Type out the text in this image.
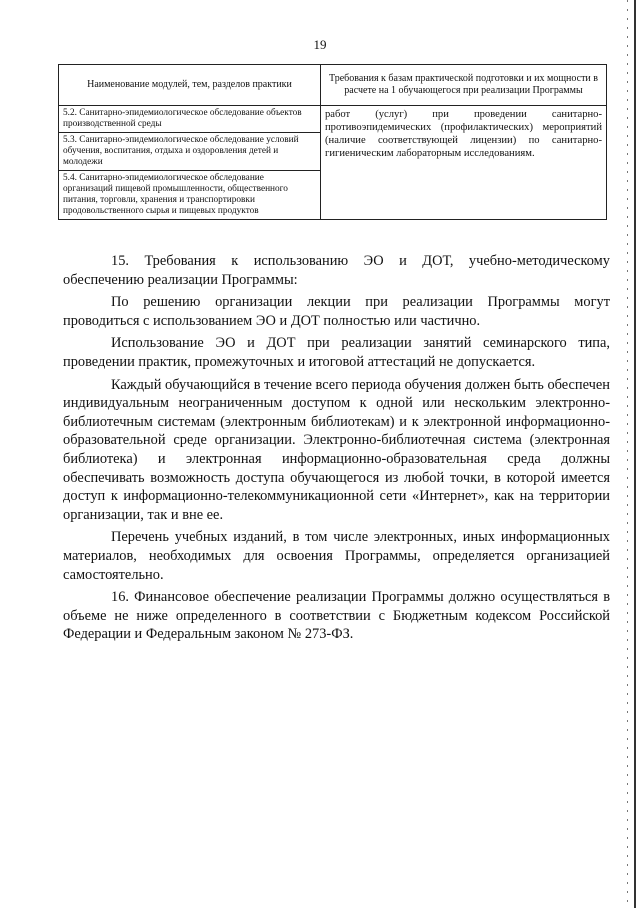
19
Наименование модулей, тем, разделов практики	Требования к базам практической подготовки и их мощности в расчете на 1 обучающегося при реализации Программы
5.2. Санитарно-эпидемиологическое обследование объектов производственной среды	работ (услуг) при проведении санитарно-противоэпидемических (профилактических) мероприятий (наличие соответствующей лицензии) по санитарно-гигиеническим лабораторным исследованиям.
5.3. Санитарно-эпидемиологическое обследование условий обучения, воспитания, отдыха и оздоровления детей и молодежи	
5.4. Санитарно-эпидемиологическое обследование организаций пищевой промышленности, общественного питания, торговли, хранения и транспортировки продовольственного сырья и пищевых продуктов	

15. Требования к использованию ЭО и ДОТ, учебно-методическому обеспечению реализации Программы:

По решению организации лекции при реализации Программы могут проводиться с использованием ЭО и ДОТ полностью или частично.

Использование ЭО и ДОТ при реализации занятий семинарского типа, проведении практик, промежуточных и итоговой аттестаций не допускается.

Каждый обучающийся в течение всего периода обучения должен быть обеспечен индивидуальным неограниченным доступом к одной или нескольким электронно-библиотечным системам (электронным библиотекам) и к электронной информационно-образовательной среде организации. Электронно-библиотечная система (электронная библиотека) и электронная информационно-образовательная среда должны обеспечивать возможность доступа обучающегося из любой точки, в которой имеется доступ к информационно-телекоммуникационной сети «Интернет», как на территории организации, так и вне ее.

Перечень учебных изданий, в том числе электронных, иных информационных материалов, необходимых для освоения Программы, определяется организацией самостоятельно.

16. Финансовое обеспечение реализации Программы должно осуществляться в объеме не ниже определенного в соответствии с Бюджетным кодексом Российской Федерации и Федеральным законом № 273-ФЗ.
